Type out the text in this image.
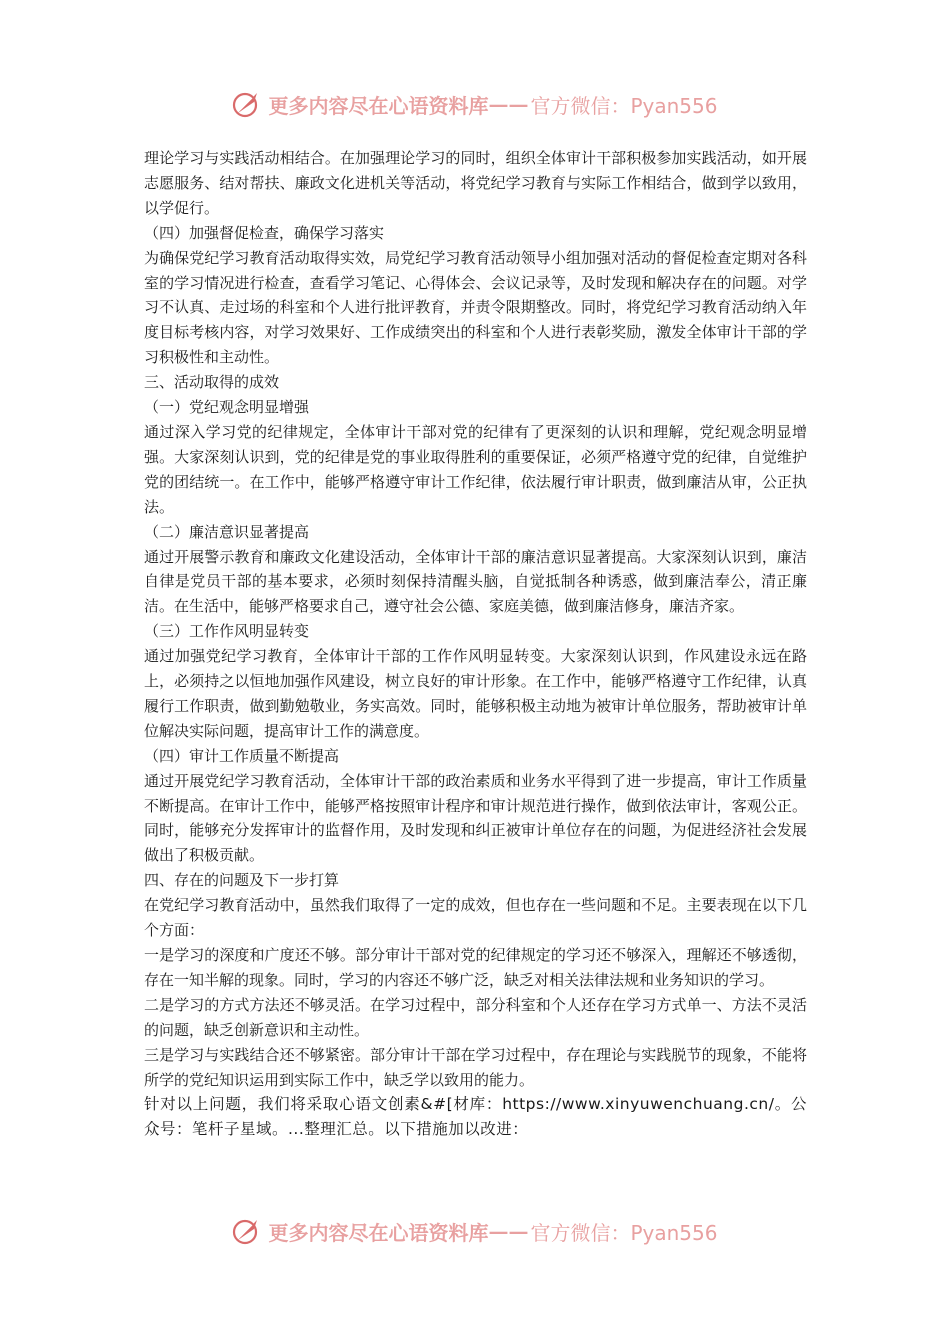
更多内容尽在心语资料库 —— 官方微信：Pyan556

理论学习与实践活动相结合。在加强理论学习的同时，组织全体审计干部积极参加实践活动，如开展志愿服务、结对帮扶、廉政文化进机关等活动，将党纪学习教育与实际工作相结合，做到学以致用，以学促行。

（四）加强督促检查，确保学习落实

为确保党纪学习教育活动取得实效，局党纪学习教育活动领导小组加强对活动的督促检查定期对各科室的学习情况进行检查，查看学习笔记、心得体会、会议记录等，及时发现和解决存在的问题。对学习不认真、走过场的科室和个人进行批评教育，并责令限期整改。同时，将党纪学习教育活动纳入年度目标考核内容，对学习效果好、工作成绩突出的科室和个人进行表彰奖励，激发全体审计干部的学习积极性和主动性。

三、活动取得的成效

（一）党纪观念明显增强

通过深入学习党的纪律规定，全体审计干部对党的纪律有了更深刻的认识和理解，党纪观念明显增强。大家深刻认识到，党的纪律是党的事业取得胜利的重要保证，必须严格遵守党的纪律，自觉维护党的团结统一。在工作中，能够严格遵守审计工作纪律，依法履行审计职责，做到廉洁从审，公正执法。

（二）廉洁意识显著提高

通过开展警示教育和廉政文化建设活动，全体审计干部的廉洁意识显著提高。大家深刻认识到，廉洁自律是党员干部的基本要求，必须时刻保持清醒头脑，自觉抵制各种诱惑，做到廉洁奉公，清正廉洁。在生活中，能够严格要求自己，遵守社会公德、家庭美德，做到廉洁修身，廉洁齐家。

（三）工作作风明显转变

通过加强党纪学习教育，全体审计干部的工作作风明显转变。大家深刻认识到，作风建设永远在路上，必须持之以恒地加强作风建设，树立良好的审计形象。在工作中，能够严格遵守工作纪律，认真履行工作职责，做到勤勉敬业，务实高效。同时，能够积极主动地为被审计单位服务，帮助被审计单位解决实际问题，提高审计工作的满意度。

（四）审计工作质量不断提高

通过开展党纪学习教育活动，全体审计干部的政治素质和业务水平得到了进一步提高，审计工作质量不断提高。在审计工作中，能够严格按照审计程序和审计规范进行操作，做到依法审计，客观公正。同时，能够充分发挥审计的监督作用，及时发现和纠正被审计单位存在的问题，为促进经济社会发展做出了积极贡献。

四、存在的问题及下一步打算

在党纪学习教育活动中，虽然我们取得了一定的成效，但也存在一些问题和不足。主要表现在以下几个方面：

一是学习的深度和广度还不够。部分审计干部对党的纪律规定的学习还不够深入，理解还不够透彻，存在一知半解的现象。同时，学习的内容还不够广泛，缺乏对相关法律法规和业务知识的学习。

二是学习的方式方法还不够灵活。在学习过程中，部分科室和个人还存在学习方式单一、方法不灵活的问题，缺乏创新意识和主动性。

三是学习与实践结合还不够紧密。部分审计干部在学习过程中，存在理论与实践脱节的现象，不能将所学的党纪知识运用到实际工作中，缺乏学以致用的能力。

针对以上问题，我们将采取心语文创素&#[材库：https://www.xinyuwenchuang.cn/。公众号：笔杆子星域。...整理汇总。以下措施加以改进：

更多内容尽在心语资料库 —— 官方微信：Pyan556
